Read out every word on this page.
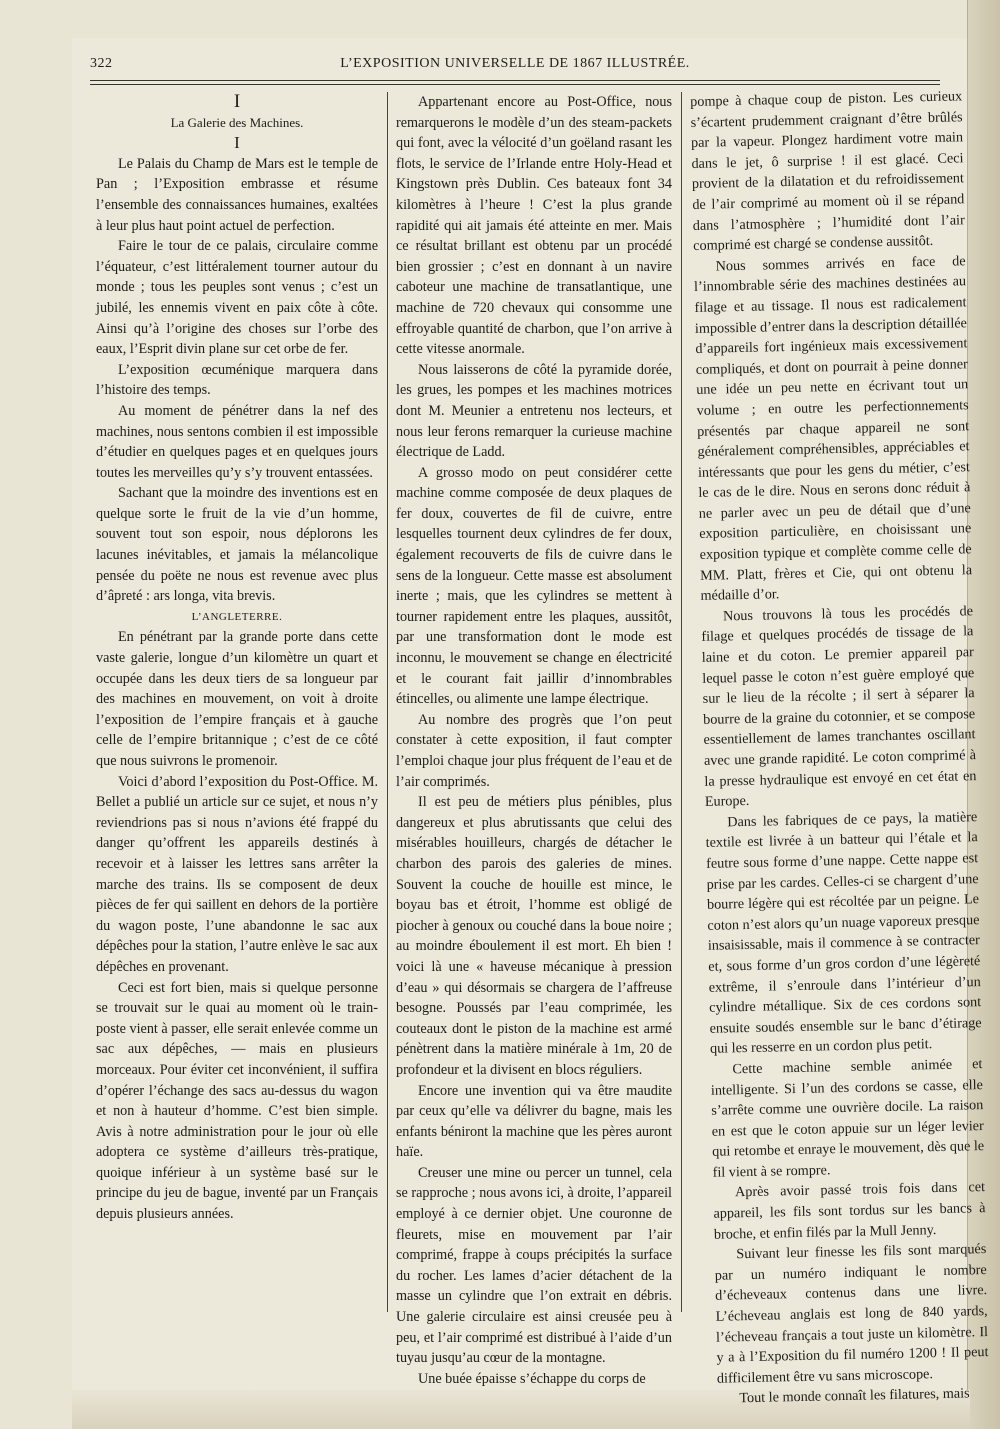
322	L’EXPOSITION UNIVERSELLE DE 1867 ILLUSTRÉE.

I

La Galerie des Machines.

I

Le Palais du Champ de Mars est le temple de Pan ; l’Exposition embrasse et résume l’ensemble des connaissances humaines, exaltées à leur plus haut point actuel de perfection.

Faire le tour de ce palais, circulaire comme l’équateur, c’est littéralement tourner autour du monde ; tous les peuples sont venus ; c’est un jubilé, les ennemis vivent en paix côte à côte. Ainsi qu’à l’origine des choses sur l’orbe des eaux, l’Esprit divin plane sur cet orbe de fer.

L’exposition œcuménique marquera dans l’histoire des temps.

Au moment de pénétrer dans la nef des machines, nous sentons combien il est impossible d’étudier en quelques pages et en quelques jours toutes les merveilles qu’y s’y trouvent entassées.

Sachant que la moindre des inventions est en quelque sorte le fruit de la vie d’un homme, souvent tout son espoir, nous déplorons les lacunes inévitables, et jamais la mélancolique pensée du poëte ne nous est revenue avec plus d’âpreté : ars longa, vita brevis.

L’ANGLETERRE.

En pénétrant par la grande porte dans cette vaste galerie, longue d’un kilomètre un quart et occupée dans les deux tiers de sa longueur par des machines en mouvement, on voit à droite l’exposition de l’empire français et à gauche celle de l’empire britannique ; c’est de ce côté que nous suivrons le promenoir.

Voici d’abord l’exposition du Post-Office. M. Bellet a publié un article sur ce sujet, et nous n’y reviendrions pas si nous n’avions été frappé du danger qu’offrent les appareils destinés à recevoir et à laisser les lettres sans arrêter la marche des trains. Ils se composent de deux pièces de fer qui saillent en dehors de la portière du wagon poste, l’une abandonne le sac aux dépêches pour la station, l’autre enlève le sac aux dépêches en provenant.

Ceci est fort bien, mais si quelque personne se trouvait sur le quai au moment où le train-poste vient à passer, elle serait enlevée comme un sac aux dépêches, — mais en plusieurs morceaux. Pour éviter cet inconvénient, il suffira d’opérer l’échange des sacs au-dessus du wagon et non à hauteur d’homme. C’est bien simple. Avis à notre administration pour le jour où elle adoptera ce système d’ailleurs très-pratique, quoique inférieur à un système basé sur le principe du jeu de bague, inventé par un Français depuis plusieurs années.

Appartenant encore au Post-Office, nous remarquerons le modèle d’un des steam-packets qui font, avec la vélocité d’un goëland rasant les flots, le service de l’Irlande entre Holy-Head et Kingstown près Dublin. Ces bateaux font 34 kilomètres à l’heure ! C’est la plus grande rapidité qui ait jamais été atteinte en mer. Mais ce résultat brillant est obtenu par un procédé bien grossier ; c’est en donnant à un navire caboteur une machine de transatlantique, une machine de 720 chevaux qui consomme une effroyable quantité de charbon, que l’on arrive à cette vitesse anormale.

Nous laisserons de côté la pyramide dorée, les grues, les pompes et les machines motrices dont M. Meunier a entretenu nos lecteurs, et nous leur ferons remarquer la curieuse machine électrique de Ladd.

A grosso modo on peut considérer cette machine comme composée de deux plaques de fer doux, couvertes de fil de cuivre, entre lesquelles tournent deux cylindres de fer doux, également recouverts de fils de cuivre dans le sens de la longueur. Cette masse est absolument inerte ; mais, que les cylindres se mettent à tourner rapidement entre les plaques, aussitôt, par une transformation dont le mode est inconnu, le mouvement se change en électricité et le courant fait jaillir d’innombrables étincelles, ou alimente une lampe électrique.

Au nombre des progrès que l’on peut constater à cette exposition, il faut compter l’emploi chaque jour plus fréquent de l’eau et de l’air comprimés.

Il est peu de métiers plus pénibles, plus dangereux et plus abrutissants que celui des misérables houilleurs, chargés de détacher le charbon des parois des galeries de mines. Souvent la couche de houille est mince, le boyau bas et étroit, l’homme est obligé de piocher à genoux ou couché dans la boue noire ; au moindre éboulement il est mort. Eh bien ! voici là une « haveuse mécanique à pression d’eau » qui désormais se chargera de l’affreuse besogne. Poussés par l’eau comprimée, les couteaux dont le piston de la machine est armé pénètrent dans la matière minérale à 1m, 20 de profondeur et la divisent en blocs réguliers.

Encore une invention qui va être maudite par ceux qu’elle va délivrer du bagne, mais les enfants béniront la machine que les pères auront haïe.

Creuser une mine ou percer un tunnel, cela se rapproche ; nous avons ici, à droite, l’appareil employé à ce dernier objet. Une couronne de fleurets, mise en mouvement par l’air comprimé, frappe à coups précipités la surface du rocher. Les lames d’acier détachent de la masse un cylindre que l’on extrait en débris. Une galerie circulaire est ainsi creusée peu à peu, et l’air comprimé est distribué à l’aide d’un tuyau jusqu’au cœur de la montagne.

Une buée épaisse s’échappe du corps de

pompe à chaque coup de piston. Les curieux s’écartent prudemment craignant d’être brûlés par la vapeur. Plongez hardiment votre main dans le jet, ô surprise ! il est glacé. Ceci provient de la dilatation et du refroidissement de l’air comprimé au moment où il se répand dans l’atmosphère ; l’humidité dont l’air comprimé est chargé se condense aussitôt.

Nous sommes arrivés en face de l’innombrable série des machines destinées au filage et au tissage. Il nous est radicalement impossible d’entrer dans la description détaillée d’appareils fort ingénieux mais excessivement compliqués, et dont on pourrait à peine donner une idée un peu nette en écrivant tout un volume ; en outre les perfectionnements présentés par chaque appareil ne sont généralement compréhensibles, appréciables et intéressants que pour les gens du métier, c’est le cas de le dire. Nous en serons donc réduit à ne parler avec un peu de détail que d’une exposition particulière, en choisissant une exposition typique et complète comme celle de MM. Platt, frères et Cie, qui ont obtenu la médaille d’or.

Nous trouvons là tous les procédés de filage et quelques procédés de tissage de la laine et du coton. Le premier appareil par lequel passe le coton n’est guère employé que sur le lieu de la récolte ; il sert à séparer la bourre de la graine du cotonnier, et se compose essentiellement de lames tranchantes oscillant avec une grande rapidité. Le coton comprimé à la presse hydraulique est envoyé en cet état en Europe.

Dans les fabriques de ce pays, la matière textile est livrée à un batteur qui l’étale et la feutre sous forme d’une nappe. Cette nappe est prise par les cardes. Celles-ci se chargent d’une bourre légère qui est récoltée par un peigne. Le coton n’est alors qu’un nuage vaporeux presque insaisissable, mais il commence à se contracter et, sous forme d’un gros cordon d’une légèreté extrême, il s’enroule dans l’intérieur d’un cylindre métallique. Six de ces cordons sont ensuite soudés ensemble sur le banc d’étirage qui les resserre en un cordon plus petit.

Cette machine semble animée et intelligente. Si l’un des cordons se casse, elle s’arrête comme une ouvrière docile. La raison en est que le coton appuie sur un léger levier qui retombe et enraye le mouvement, dès que le fil vient à se rompre.

Après avoir passé trois fois dans cet appareil, les fils sont tordus sur les bancs à broche, et enfin filés par la Mull Jenny.

Suivant leur finesse les fils sont marqués par un numéro indiquant le nombre d’écheveaux contenus dans une livre. L’écheveau anglais est long de 840 yards, l’écheveau français a tout juste un kilomètre. Il y a à l’Exposition du fil numéro 1200 ! Il peut difficilement être vu sans microscope.

Tout le monde connaît les filatures, mais
